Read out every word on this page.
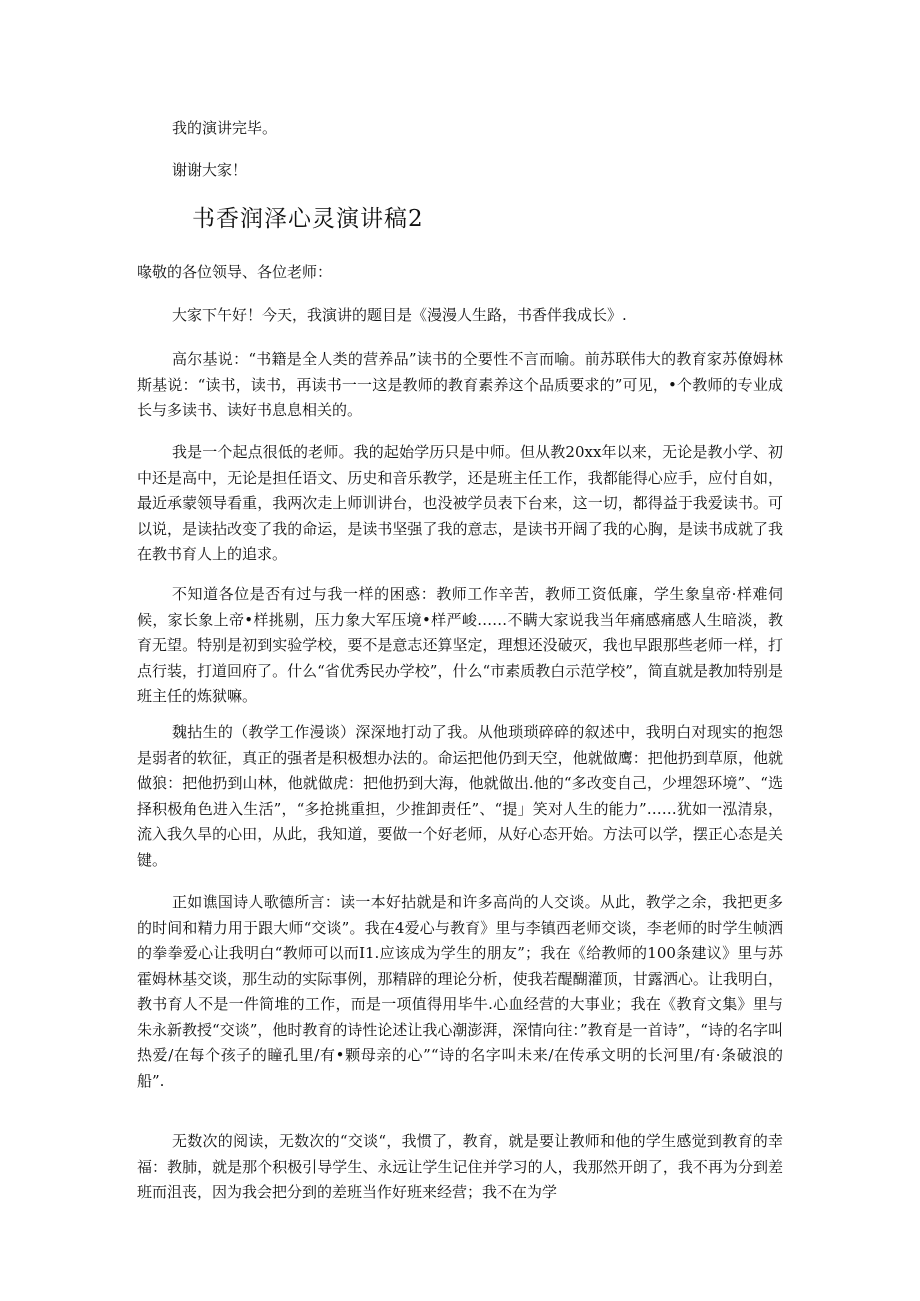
我的演讲完毕。
谢谢大家！
书香润泽心灵演讲稿2
喙敬的各位领导、各位老师：
大家下午好！今天，我演讲的题目是《漫漫人生路，书香伴我成长》.
高尔基说：“书籍是全人类的营养品”读书的仝要性不言而喻。前苏联伟大的教育家苏僚姆林斯基说：“读书，读书，再读书一一这是教师的教育素养这个品质要求的”可见，•个教师的专业成长与多读书、读好书息息相关的。
我是一个起点很低的老师。我的起始学历只是中师。但从教20xx年以来，无论是教小学、初中还是高中，无论是担任语文、历史和音乐教学，还是班主任工作，我都能得心应手，应付自如，最近承蒙领导看重，我两次走上师训讲台，也没被学员表下台来，这一切，都得益于我爱读书。可以说，是读拈改变了我的命运，是读书坚强了我的意志，是读书开阔了我的心胸，是读书成就了我在教书育人上的追求。
不知道各位是否有过与我一样的困惑：教师工作辛苦，教师工资低廉，学生象皇帝·样难伺候，家长象上帝•样挑剔，压力象大军压境•样严峻……不瞒大家说我当年痛感痛感人生暗淡，教育无望。特别是初到实验学校，要不是意志还算坚定，理想还没破灭，我也早跟那些老师一样，打点行装，打道回府了。什么“省优秀民办学校”，什么“市素质教白示范学校”，简直就是教加特别是班主任的炼狱嘛。
魏拈生的（教学工作漫谈）深深地打动了我。从他琐琐碎碎的叙述中，我明白对现实的抱怨是弱者的软征，真正的强者是积极想办法的。命运把他仍到天空，他就做鹰：把他扔到草原，他就做狼：把他扔到山林，他就做虎：把他扔到大海，他就做出.他的“多改变自己，少埋怨环境”、“选择积极角色进入生活”，“多抢挑重担，少推卸责任”、“提」笑对人生的能力”……犹如一泓清泉，流入我久旱的心田，从此，我知道，要做一个好老师，从好心态开始。方法可以学，摆正心态是关键。
正如谯国诗人歌德所言：读一本好拈就是和许多高尚的人交谈。从此，教学之余，我把更多的时间和精力用于跟大师“交谈”。我在4爱心与教育》里与李镇西老师交谈，李老师的时学生帧洒的拳拳爱心让我明白“教师可以而I1.应该成为学生的朋友”；我在《给教师的100条建议》里与苏霍姆林基交谈，那生动的实际事例，那精辟的理论分析，使我若醍醐灌顶，甘露洒心。让我明白，教书育人不是一件简堆的工作，而是一项值得用毕牛.心血经营的大事业；我在《教育文集》里与朱永新教授“交谈”，他时教育的诗性论述让我心潮澎湃，深情向往：”教育是一首诗”，“诗的名字叫热爱/在每个孩子的瞳孔里/有•颗母亲的心”“诗的名字叫未来/在传承文明的长河里/有·条破浪的船”.
无数次的阅读，无数次的“交谈“，我惯了，教育，就是要让教师和他的学生感觉到教育的幸福：教肺，就是那个积极引导学生、永远让学生记住并学习的人，我那然开朗了，我不再为分到差班而沮丧，因为我会把分到的差班当作好班来经营；我不在为学
